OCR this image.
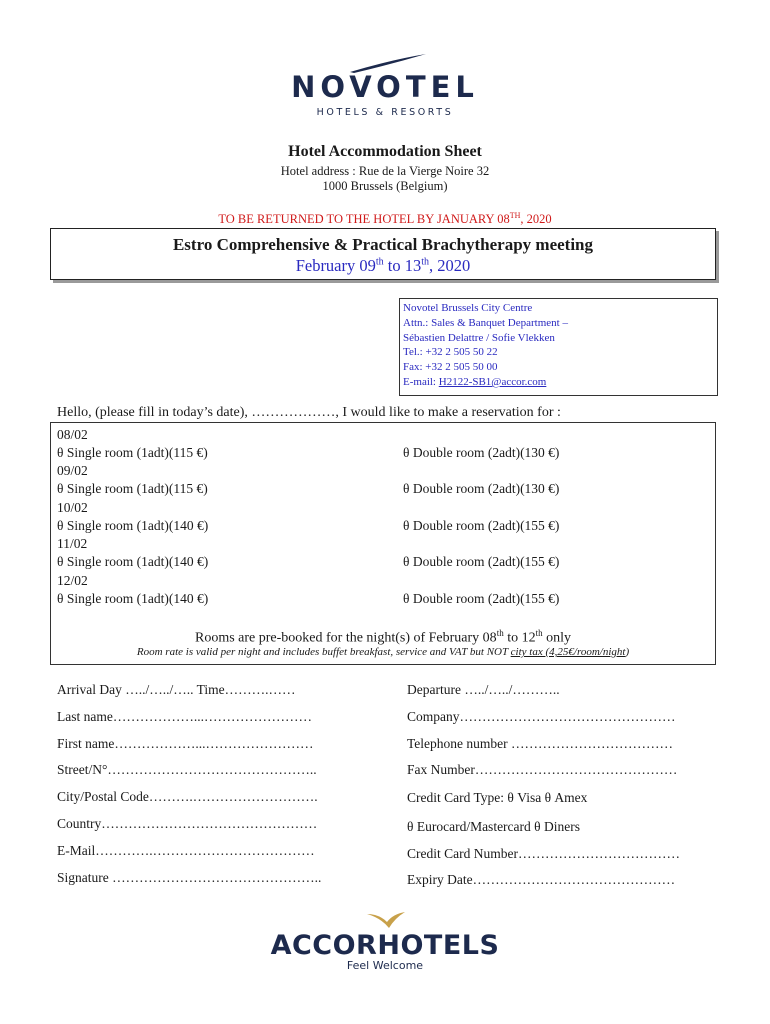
NOVOTEL
HOTELS & RESORTS
Hotel Accommodation Sheet
Hotel address : Rue de la Vierge Noire 32
1000 Brussels (Belgium)
TO BE RETURNED TO THE HOTEL BY JANUARY 08TH, 2020
Estro Comprehensive & Practical Brachytherapy meeting
February 09th to 13th, 2020
Novotel Brussels City Centre
Attn.: Sales & Banquet Department –
Sébastien Delattre / Sofie Vlekken
Tel.: +32 2 505 50 22
Fax: +32 2 505 50 00
E-mail: H2122-SB1@accor.com
Hello, (please fill in today’s date), ………………, I would like to make a reservation for :
08/02
θ Single room (1adt)(115 €)	θ Double room (2adt)(130 €)
09/02
θ Single room (1adt)(115 €)	θ Double room (2adt)(130 €)
10/02
θ Single room (1adt)(140 €)	θ Double room (2adt)(155 €)
11/02
θ Single room (1adt)(140 €)	θ Double room (2adt)(155 €)
12/02
θ Single room (1adt)(140 €)	θ Double room (2adt)(155 €)
Rooms are pre-booked for the night(s) of February 08th to 12th only
Room rate is valid per night and includes buffet breakfast, service and VAT but NOT city tax (4,25€/room/night)
Arrival Day …../…../….. Time……….……
Last name………………...……………………
First name………………...……………………
Street/N°………………………………………..
City/Postal Code……….……………………….
Country…………………………………………
E-Mail………….………………………………
Signature ………………………………………..
Departure …../…../………..
Company…………………………………………
Telephone number ………………………………
Fax Number………………………………………
Credit Card Type: θ Visa θ Amex
θ Eurocard/Mastercard θ Diners
Credit Card Number………………………………
Expiry Date………………………………………
ACCORHOTELS
Feel Welcome
